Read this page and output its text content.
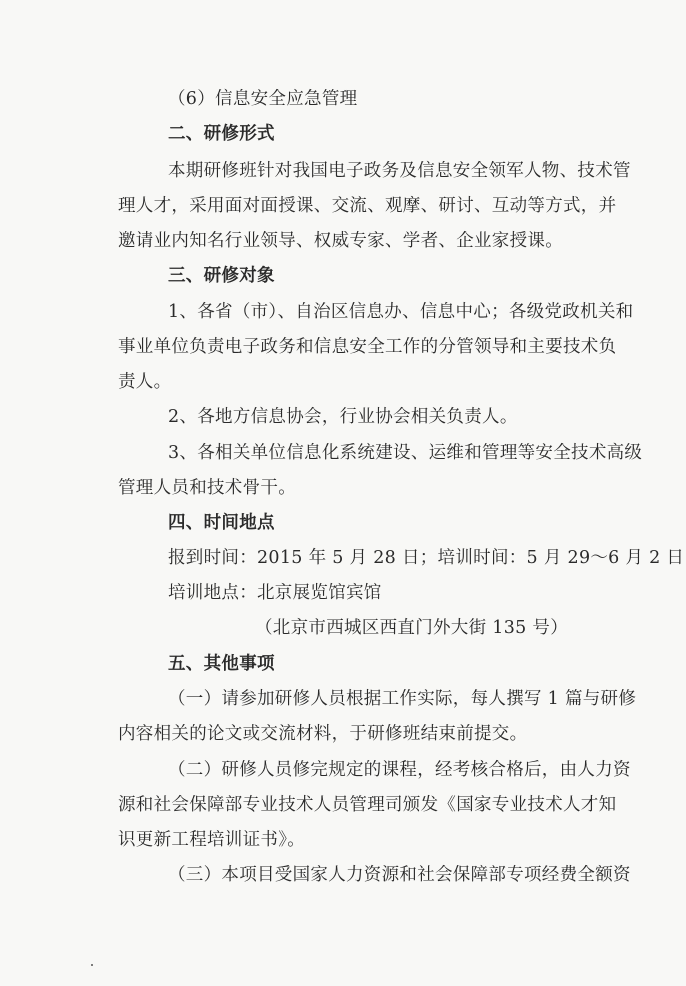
（6）信息安全应急管理
二、研修形式
本期研修班针对我国电子政务及信息安全领军人物、技术管
理人才，采用面对面授课、交流、观摩、研讨、互动等方式，并
邀请业内知名行业领导、权威专家、学者、企业家授课。
三、研修对象
1、各省（市）、自治区信息办、信息中心；各级党政机关和
事业单位负责电子政务和信息安全工作的分管领导和主要技术负
责人。
2、各地方信息协会，行业协会相关负责人。
3、各相关单位信息化系统建设、运维和管理等安全技术高级
管理人员和技术骨干。
四、时间地点
报到时间：2015 年 5 月 28 日；培训时间：5 月 29～6 月 2 日
培训地点：北京展览馆宾馆
（北京市西城区西直门外大街 135 号）
五、其他事项
（一）请参加研修人员根据工作实际，每人撰写 1 篇与研修
内容相关的论文或交流材料，于研修班结束前提交。
（二）研修人员修完规定的课程，经考核合格后，由人力资
源和社会保障部专业技术人员管理司颁发《国家专业技术人才知
识更新工程培训证书》。
（三）本项目受国家人力资源和社会保障部专项经费全额资
